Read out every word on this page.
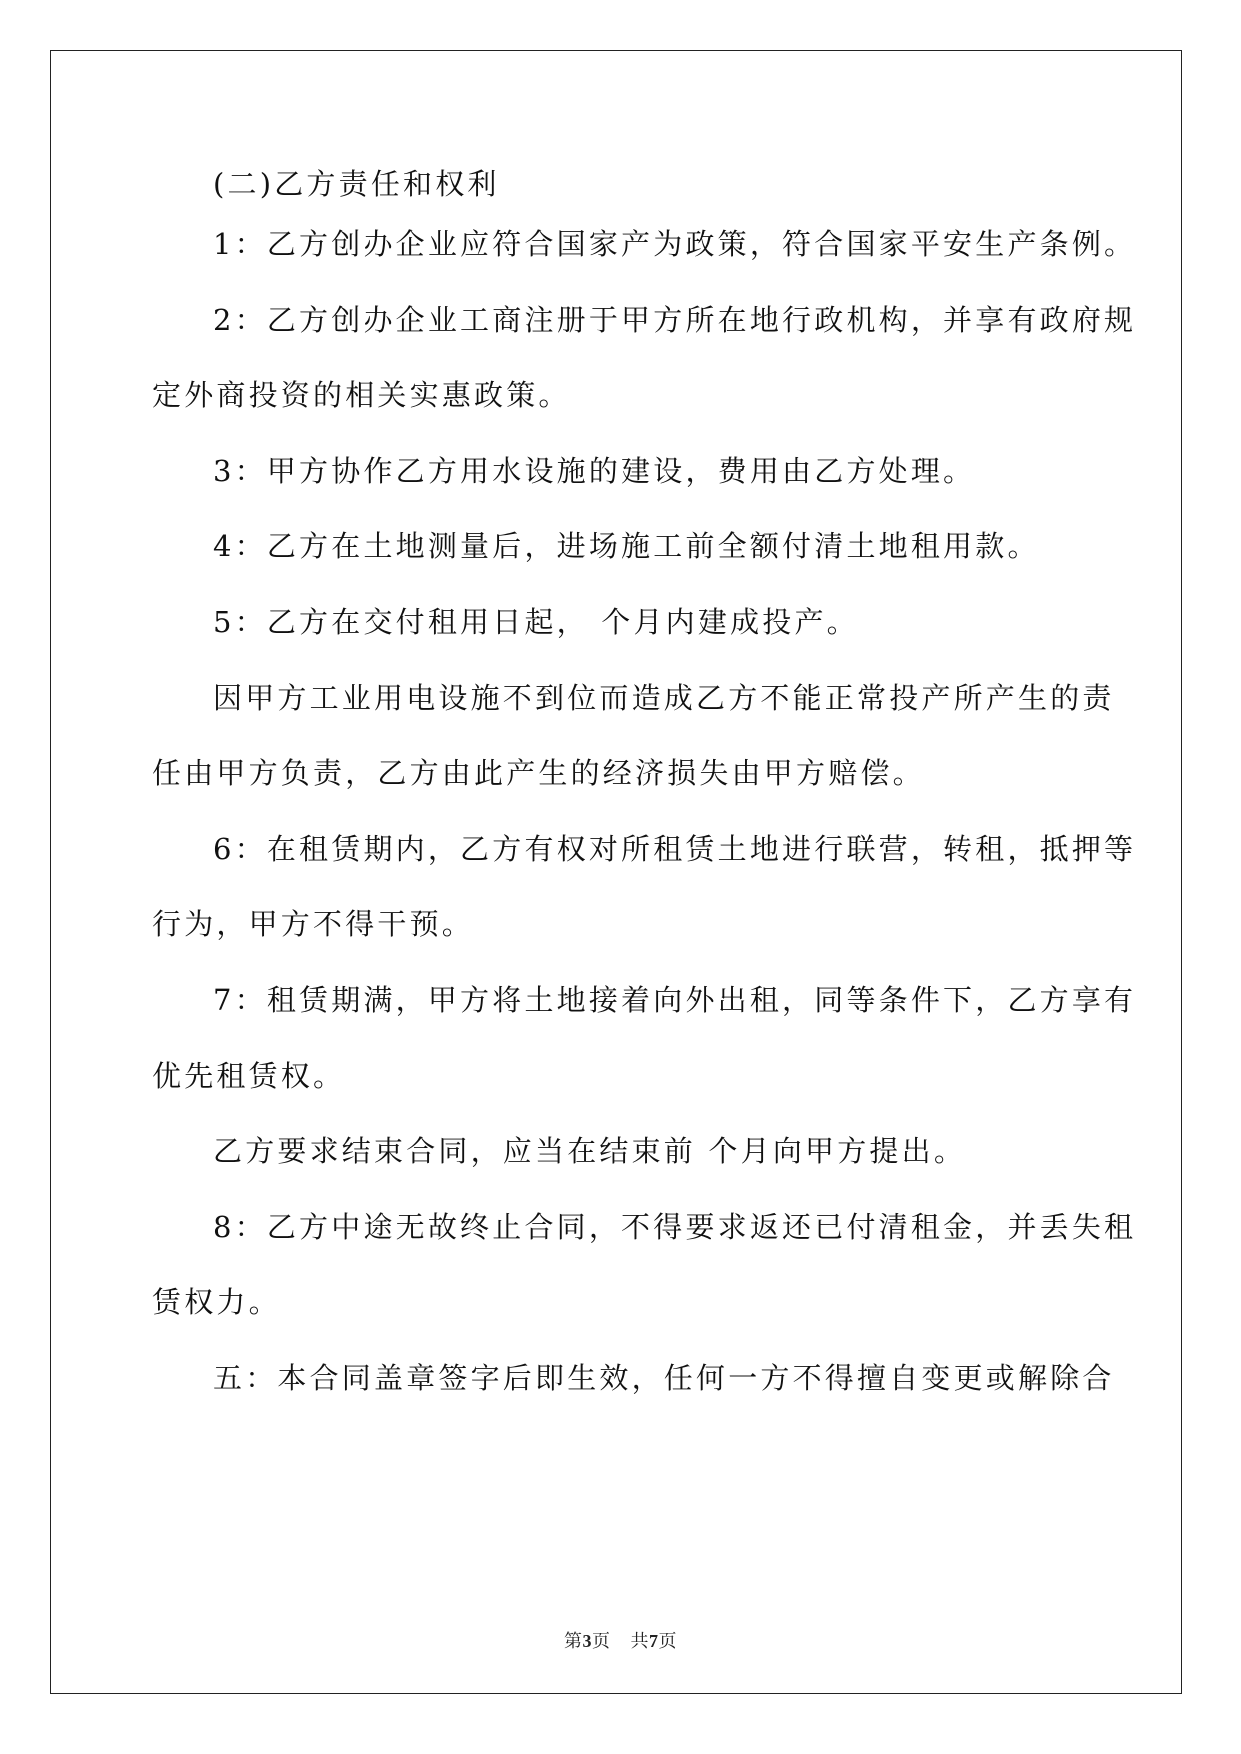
(二)乙方责任和权利
1：乙方创办企业应符合国家产为政策，符合国家平安生产条例。
2：乙方创办企业工商注册于甲方所在地行政机构，并享有政府规
定外商投资的相关实惠政策。
3：甲方协作乙方用水设施的建设，费用由乙方处理。
4：乙方在土地测量后，进场施工前全额付清土地租用款。
5：乙方在交付租用日起， 个月内建成投产。
因甲方工业用电设施不到位而造成乙方不能正常投产所产生的责
任由甲方负责，乙方由此产生的经济损失由甲方赔偿。
6：在租赁期内，乙方有权对所租赁土地进行联营，转租，抵押等
行为，甲方不得干预。
7：租赁期满，甲方将土地接着向外出租，同等条件下，乙方享有
优先租赁权。
乙方要求结束合同，应当在结束前 个月向甲方提出。
8：乙方中途无故终止合同，不得要求返还已付清租金，并丢失租
赁权力。
五：本合同盖章签字后即生效，任何一方不得擅自变更或解除合
第3页 共7页
